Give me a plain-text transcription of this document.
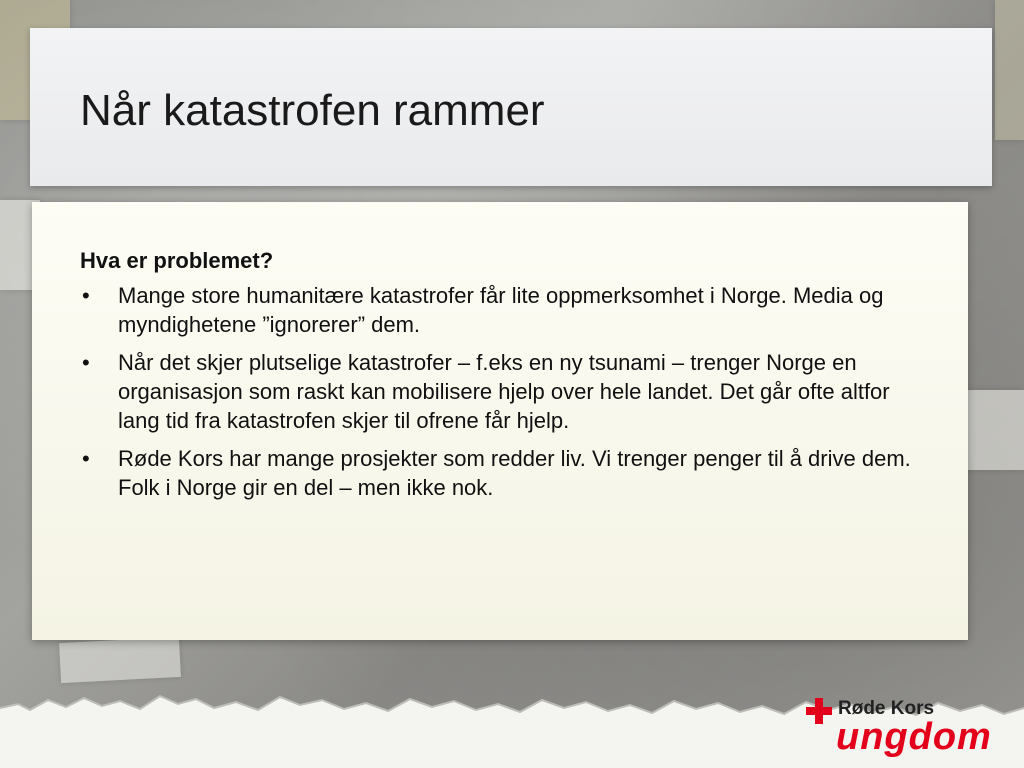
Når katastrofen rammer
Hva er problemet?
• Mange store humanitære katastrofer får lite oppmerksomhet i Norge. Media og myndighetene ”ignorerer” dem.
• Når det skjer plutselige katastrofer – f.eks en ny tsunami – trenger Norge en organisasjon som raskt kan mobilisere hjelp over hele landet. Det går ofte altfor lang tid fra katastrofen skjer til ofrene får hjelp.
• Røde Kors har mange prosjekter som redder liv. Vi trenger penger til å drive dem. Folk i Norge gir en del – men ikke nok.
Røde Kors
ungdom
